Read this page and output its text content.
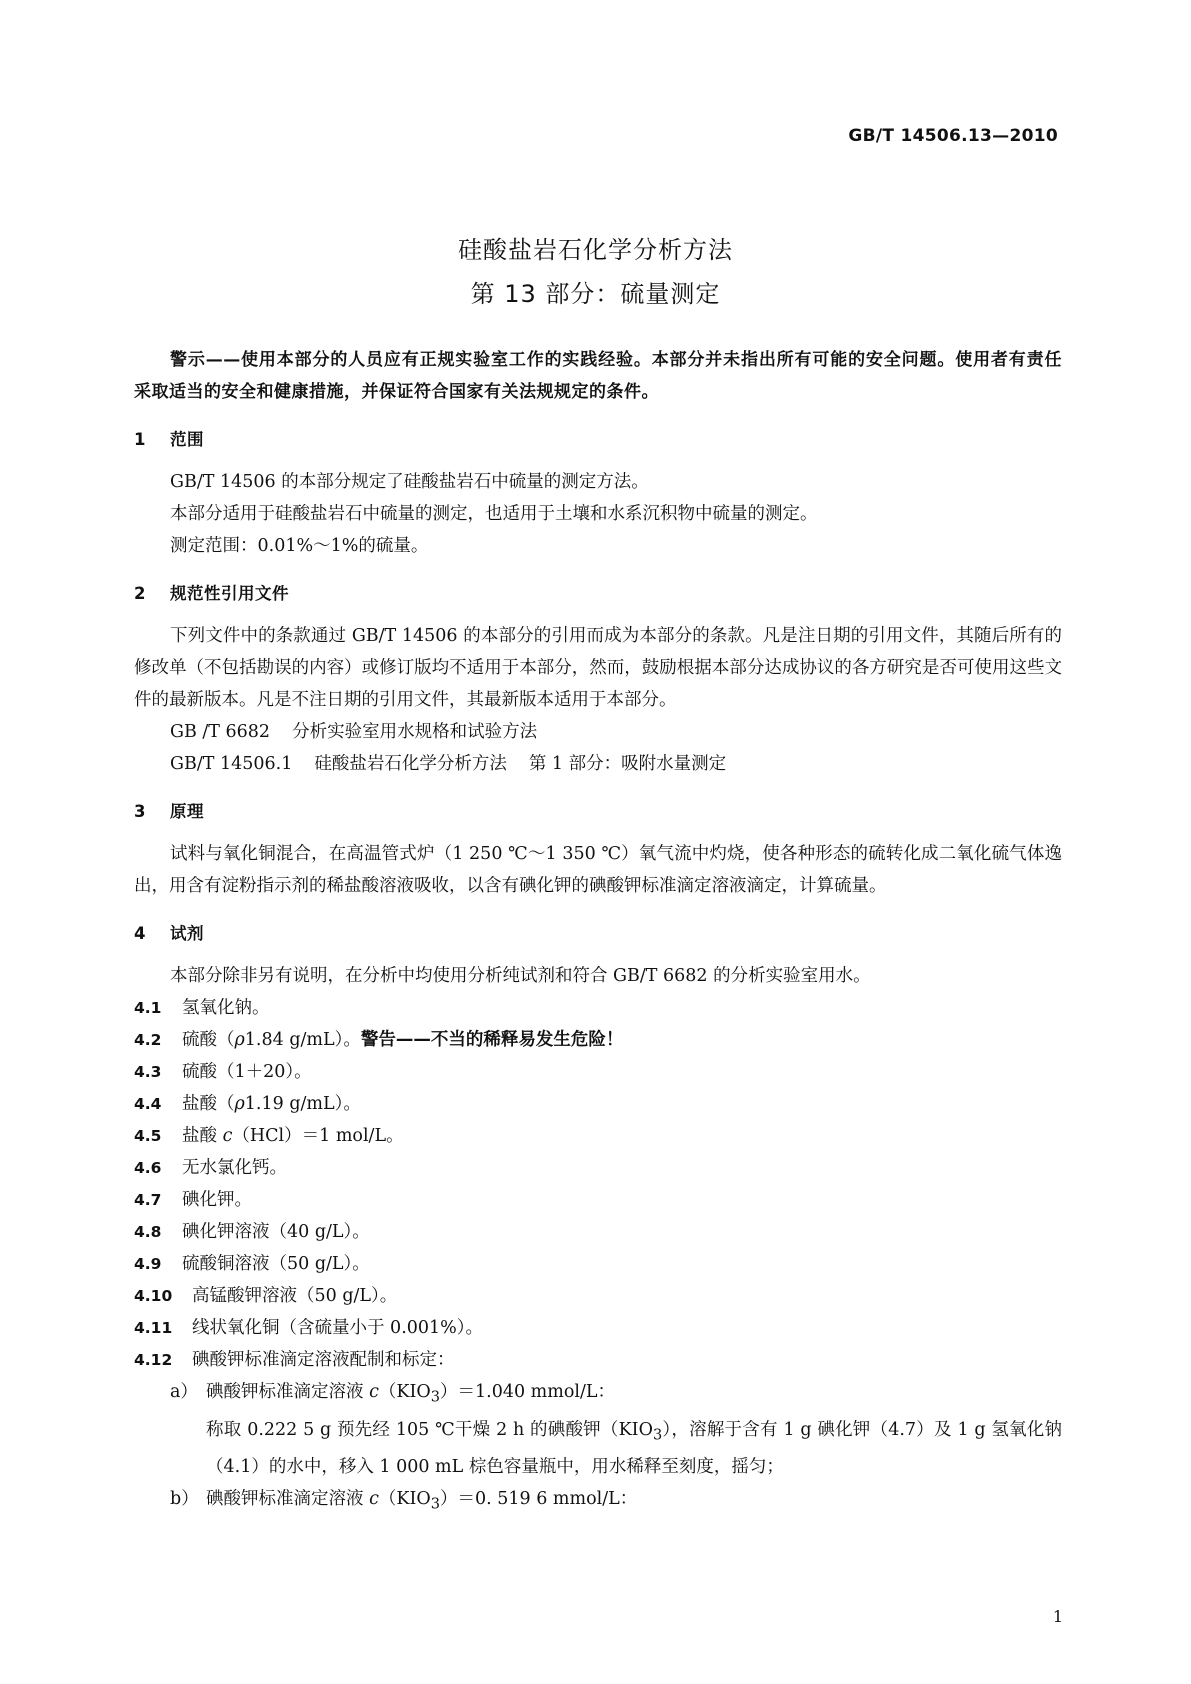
GB/T 14506.13—2010
硅酸盐岩石化学分析方法
第 13 部分：硫量测定

警示——使用本部分的人员应有正规实验室工作的实践经验。本部分并未指出所有可能的安全问题。使用者有责任采取适当的安全和健康措施，并保证符合国家有关法规规定的条件。

1 范围

GB/T 14506 的本部分规定了硅酸盐岩石中硫量的测定方法。

本部分适用于硅酸盐岩石中硫量的测定，也适用于土壤和水系沉积物中硫量的测定。

测定范围：0.01%～1%的硫量。

2 规范性引用文件

下列文件中的条款通过 GB/T 14506 的本部分的引用而成为本部分的条款。凡是注日期的引用文件，其随后所有的修改单（不包括勘误的内容）或修订版均不适用于本部分，然而，鼓励根据本部分达成协议的各方研究是否可使用这些文件的最新版本。凡是不注日期的引用文件，其最新版本适用于本部分。

GB /T 6682 分析实验室用水规格和试验方法

GB/T 14506.1 硅酸盐岩石化学分析方法 第 1 部分：吸附水量测定

3 原理

试料与氧化铜混合，在高温管式炉（1 250 ℃～1 350 ℃）氧气流中灼烧，使各种形态的硫转化成二氧化硫气体逸出，用含有淀粉指示剂的稀盐酸溶液吸收，以含有碘化钾的碘酸钾标准滴定溶液滴定，计算硫量。

4 试剂

本部分除非另有说明，在分析中均使用分析纯试剂和符合 GB/T 6682 的分析实验室用水。

4.1 氢氧化钠。

4.2 硫酸（ρ1.84 g/mL）。警告——不当的稀释易发生危险！

4.3 硫酸（1＋20）。

4.4 盐酸（ρ1.19 g/mL）。

4.5 盐酸 c（HCl）＝1 mol/L。

4.6 无水氯化钙。

4.7 碘化钾。

4.8 碘化钾溶液（40 g/L）。

4.9 硫酸铜溶液（50 g/L）。

4.10 高锰酸钾溶液（50 g/L）。

4.11 线状氧化铜（含硫量小于 0.001%）。

4.12 碘酸钾标准滴定溶液配制和标定：

a） 碘酸钾标准滴定溶液 $c(KIO_3)=1.040$ mmol/L：

称取 0.222 5 g 预先经 105 ℃干燥 2 h 的碘酸钾$(KIO_3)$，溶解于含有 1 g 碘化钾（4.7）及 1 g 氢氧化钠（4.1）的水中，移入 1 000 mL 棕色容量瓶中，用水稀释至刻度，摇匀；

b） 碘酸钾标准滴定溶液 $c(KIO_3)=0$. 519 6 mmol/L：

1
